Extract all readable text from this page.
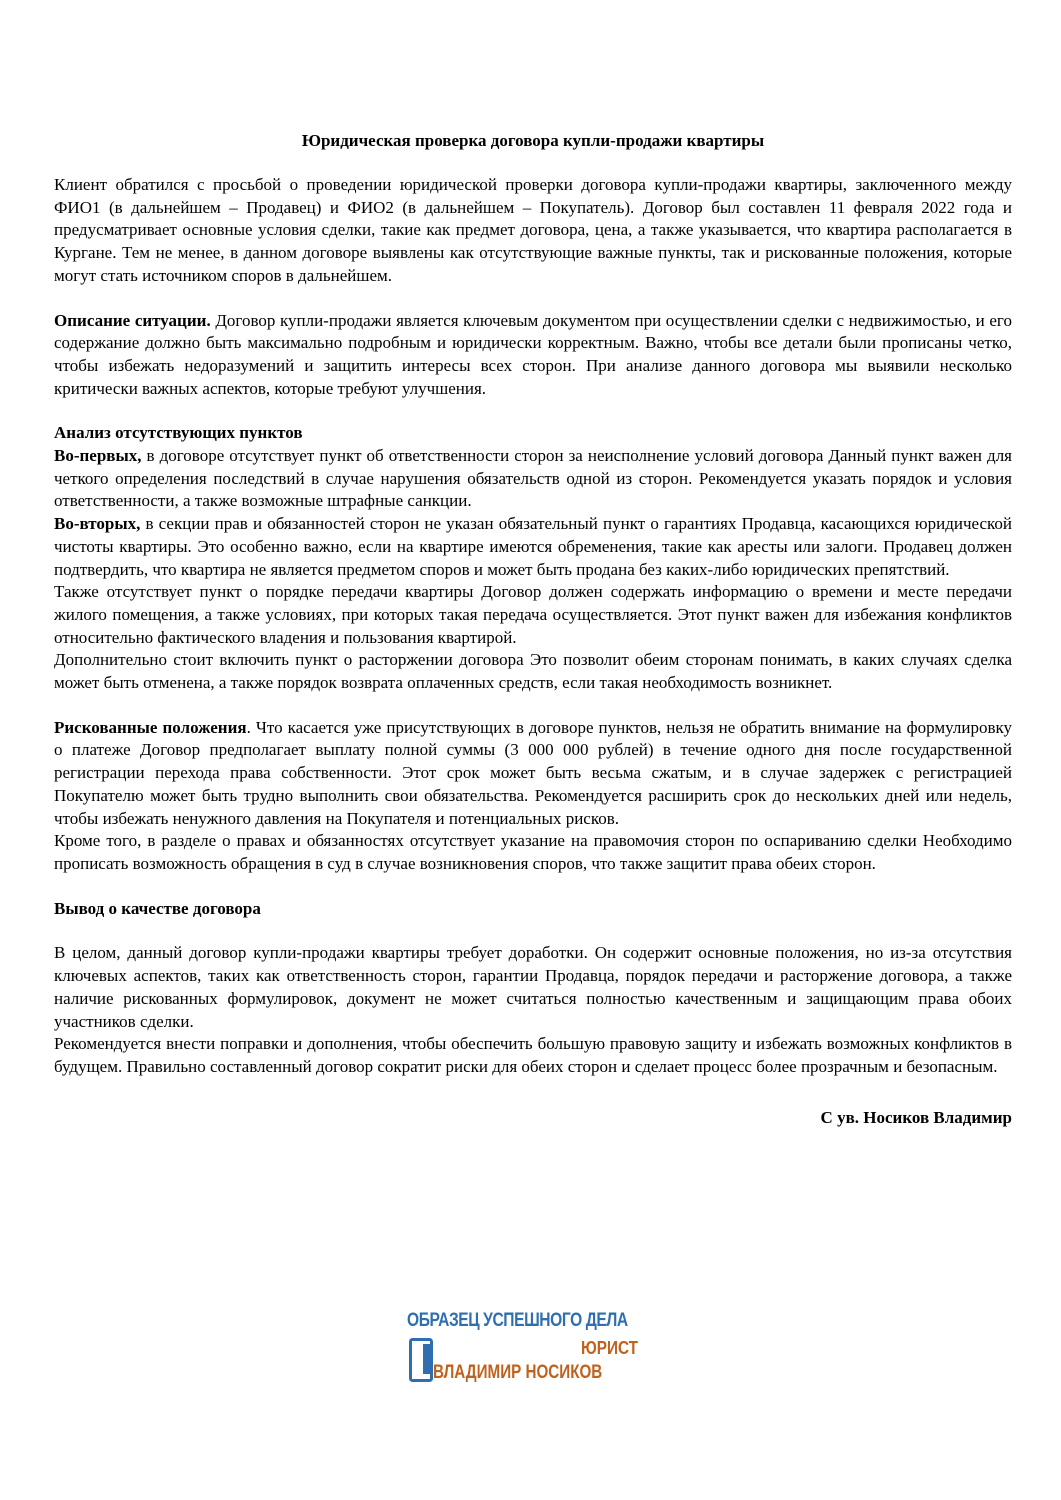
Юридическая проверка договора купли-продажи квартиры

Клиент обратился с просьбой о проведении юридической проверки договора купли-продажи квартиры, заключенного между ФИО1 (в дальнейшем – Продавец) и ФИО2 (в дальнейшем – Покупатель). Договор был составлен 11 февраля 2022 года и предусматривает основные условия сделки, такие как предмет договора, цена, а также указывается, что квартира располагается в Кургане. Тем не менее, в данном договоре выявлены как отсутствующие важные пункты, так и рискованные положения, которые могут стать источником споров в дальнейшем.

Описание ситуации. Договор купли-продажи является ключевым документом при осуществлении сделки с недвижимостью, и его содержание должно быть максимально подробным и юридически корректным. Важно, чтобы все детали были прописаны четко, чтобы избежать недоразумений и защитить интересы всех сторон. При анализе данного договора мы выявили несколько критически важных аспектов, которые требуют улучшения.

Анализ отсутствующих пунктов

Во-первых, в договоре отсутствует пункт об ответственности сторон за неисполнение условий договора Данный пункт важен для четкого определения последствий в случае нарушения обязательств одной из сторон. Рекомендуется указать порядок и условия ответственности, а также возможные штрафные санкции.

Во-вторых, в секции прав и обязанностей сторон не указан обязательный пункт о гарантиях Продавца, касающихся юридической чистоты квартиры. Это особенно важно, если на квартире имеются обременения, такие как аресты или залоги. Продавец должен подтвердить, что квартира не является предметом споров и может быть продана без каких-либо юридических препятствий.

Также отсутствует пункт о порядке передачи квартиры Договор должен содержать информацию о времени и месте передачи жилого помещения, а также условиях, при которых такая передача осуществляется. Этот пункт важен для избежания конфликтов относительно фактического владения и пользования квартирой.

Дополнительно стоит включить пункт о расторжении договора Это позволит обеим сторонам понимать, в каких случаях сделка может быть отменена, а также порядок возврата оплаченных средств, если такая необходимость возникнет.

Рискованные положения. Что касается уже присутствующих в договоре пунктов, нельзя не обратить внимание на формулировку о платеже Договор предполагает выплату полной суммы (3 000 000 рублей) в течение одного дня после государственной регистрации перехода права собственности. Этот срок может быть весьма сжатым, и в случае задержек с регистрацией Покупателю может быть трудно выполнить свои обязательства. Рекомендуется расширить срок до нескольких дней или недель, чтобы избежать ненужного давления на Покупателя и потенциальных рисков.

Кроме того, в разделе о правах и обязанностях отсутствует указание на правомочия сторон по оспариванию сделки Необходимо прописать возможность обращения в суд в случае возникновения споров, что также защитит права обеих сторон.

Вывод о качестве договора

В целом, данный договор купли-продажи квартиры требует доработки. Он содержит основные положения, но из-за отсутствия ключевых аспектов, таких как ответственность сторон, гарантии Продавца, порядок передачи и расторжение договора, а также наличие рискованных формулировок, документ не может считаться полностью качественным и защищающим права обоих участников сделки.

Рекомендуется внести поправки и дополнения, чтобы обеспечить большую правовую защиту и избежать возможных конфликтов в будущем. Правильно составленный договор сократит риски для обеих сторон и сделает процесс более прозрачным и безопасным.

С ув. Носиков Владимир
ОБРАЗЕЦ УСПЕШНОГО ДЕЛА
ЮРИСТ
ВЛАДИМИР НОСИКОВ
